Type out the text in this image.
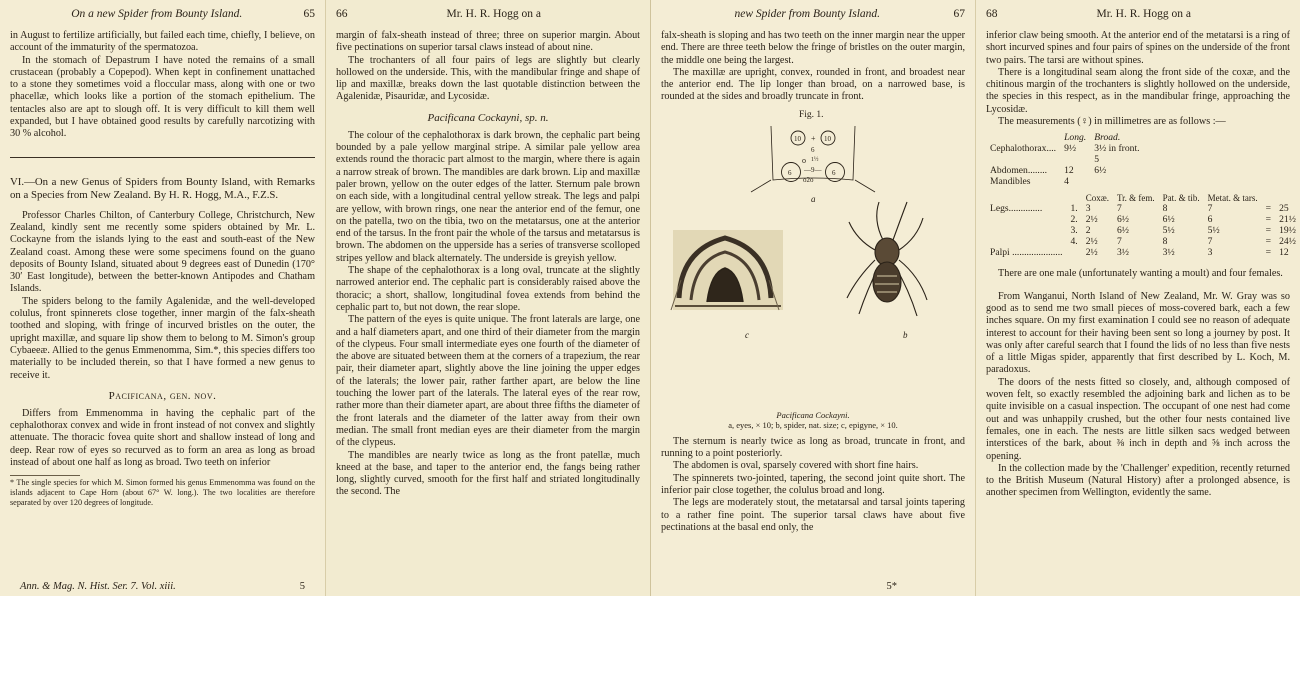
On a new Spider from Bounty Island.	65

in August to fertilize artificially, but failed each time, chiefly, I believe, on account of the immaturity of the spermatozoa.

In the stomach of Depastrum I have noted the remains of a small crustacean (probably a Copepod). When kept in confinement unattached to a stone they sometimes void a floccular mass, along with one or two phacellæ, which looks like a portion of the stomach epithelium. The tentacles also are apt to slough off. It is very difficult to kill them well expanded, but I have obtained good results by carefully narcotizing with 30 % alcohol.

VI.—On a new Genus of Spiders from Bounty Island, with Remarks on a Species from New Zealand. By H. R. Hogg, M.A., F.Z.S.

Professor Charles Chilton, of Canterbury College, Christchurch, New Zealand, kindly sent me recently some spiders obtained by Mr. L. Cockayne from the islands lying to the east and south-east of the New Zealand coast. Among these were some specimens found on the guano deposits of Bounty Island, situated about 9 degrees east of Dunedin (170° 30′ East longitude), between the better-known Antipodes and Chatham Islands.

The spiders belong to the family Agalenidæ, and the well-developed colulus, front spinnerets close together, inner margin of the falx-sheath toothed and sloping, with fringe of incurved bristles on the outer, the upright maxillæ, and square lip show them to belong to M. Simon's group Cybaeeæ. Allied to the genus Emmenomma, Sim.*, this species differs too materially to be included therein, so that I have formed a new genus to receive it.

Pacificana, gen. nov.

Differs from Emmenomma in having the cephalic part of the cephalothorax convex and wide in front instead of not convex and slightly attenuate. The thoracic fovea quite short and shallow instead of long and deep. Rear row of eyes so recurved as to form an area as long as broad instead of about one half as long as broad. Two teeth on inferior

* The single species for which M. Simon formed his genus Emmenomma was found on the islands adjacent to Cape Horn (about 67° W. long.). The two localities are therefore separated by over 120 degrees of longitude.
Ann. & Mag. N. Hist. Ser. 7. Vol. xiii.	5
66	Mr. H. R. Hogg on a

margin of falx-sheath instead of three; three on superior margin. About five pectinations on superior tarsal claws instead of about nine.

The trochanters of all four pairs of legs are slightly but clearly hollowed on the underside. This, with the mandibular fringe and shape of lip and maxillæ, breaks down the last quotable distinction between the Agalenidæ, Pisauridæ, and Lycosidæ.

Pacificana Cockayni, sp. n.

The colour of the cephalothorax is dark brown, the cephalic part being bounded by a pale yellow marginal stripe. A similar pale yellow area extends round the thoracic part almost to the margin, where there is again a narrow streak of brown. The mandibles are dark brown. Lip and maxillæ paler brown, yellow on the outer edges of the latter. Sternum pale brown on each side, with a longitudinal central yellow streak. The legs and palpi are yellow, with brown rings, one near the anterior end of the femur, one on the patella, two on the tibia, two on the metatarsus, one at the anterior end of the tarsus. In the front pair the whole of the tarsus and metatarsus is brown. The abdomen on the upperside has a series of transverse scolloped stripes yellow and black alternately. The underside is greyish yellow.

The shape of the cephalothorax is a long oval, truncate at the slightly narrowed anterior end. The cephalic part is considerably raised above the thoracic; a short, shallow, longitudinal fovea extends from behind the cephalic part to, but not down, the rear slope.

The pattern of the eyes is quite unique. The front laterals are large, one and a half diameters apart, and one third of their diameter from the margin of the clypeus. Four small intermediate eyes one fourth of the diameter of the above are situated between them at the corners of a trapezium, the rear pair, their diameter apart, slightly above the line joining the upper edges of the laterals; the lower pair, rather farther apart, are below the line touching the lower part of the laterals. The lateral eyes of the rear row, rather more than their diameter apart, are about three fifths the diameter of the front laterals and the diameter of the latter away from their own median. The small front median eyes are their diameter from the margin of the clypeus.

The mandibles are nearly twice as long as the front patellæ, much kneed at the base, and taper to the anterior end, the fangs being rather long, slightly curved, smooth for the first half and striated longitudinally the second. The

new Spider from Bounty Island.	67

falx-sheath is sloping and has two teeth on the inner margin near the upper end. There are three teeth below the fringe of bristles on the outer margin, the middle one being the largest.

The maxillæ are upright, convex, rounded in front, and broadest near the anterior end. The lip longer than broad, on a narrowed base, is rounded at the sides and broadly truncate in front.

Fig. 1.
10	10
+
6
o 1½
6	6
—9—
o2o
a
c	b
Pacificana Cockayni.
a, eyes, × 10; b, spider, nat. size; c, epigyne, × 10.

The sternum is nearly twice as long as broad, truncate in front, and running to a point posteriorly.

The abdomen is oval, sparsely covered with short fine hairs.

The spinnerets two-jointed, tapering, the second joint quite short. The inferior pair close together, the colulus broad and long.

The legs are moderately stout, the metatarsal and tarsal joints tapering to a rather fine point. The superior tarsal claws have about five pectinations at the basal end only, the

5*
68	Mr. H. R. Hogg on a

inferior claw being smooth. At the anterior end of the metatarsi is a ring of short incurved spines and four pairs of spines on the underside of the front two pairs. The tarsi are without spines.

There is a longitudinal seam along the front side of the coxæ, and the chitinous margin of the trochanters is slightly hollowed on the underside, the species in this respect, as in the mandibular fringe, approaching the Lycosidæ.

The measurements (♀) in millimetres are as follows :—

	Long.	Broad.
Cephalothorax....	9½	3½ in front.
		5
Abdomen........	12	6½
Mandibles	4	
		Coxæ.	Tr. & fem.	Pat. & tib.	Metat. & tars.		
Legs..............	1.	3	7	8	7	=	25
	2.	2½	6½	6½	6	=	21½
	3.	2	6½	5½	5½	=	19½
	4.	2½	7	8	7	=	24½
Palpi .....................		2½	3½	3½	3	=	12

There are one male (unfortunately wanting a moult) and four females.

From Wanganui, North Island of New Zealand, Mr. W. Gray was so good as to send me two small pieces of moss-covered bark, each a few inches square. On my first examination I could see no reason of adequate interest to account for their having been sent so long a journey by post. It was only after careful search that I found the lids of no less than five nests of a little Migas spider, apparently that first described by L. Koch, M. paradoxus.

The doors of the nests fitted so closely, and, although composed of woven felt, so exactly resembled the adjoining bark and lichen as to be quite invisible on a casual inspection. The occupant of one nest had come out and was unhappily crushed, but the other four nests contained live females, one in each. The nests are little silken sacs wedged between interstices of the bark, about ⅜ inch in depth and ⅝ inch across the opening.

In the collection made by the 'Challenger' expedition, recently returned to the British Museum (Natural History) after a prolonged absence, is another specimen from Wellington, evidently the same.
